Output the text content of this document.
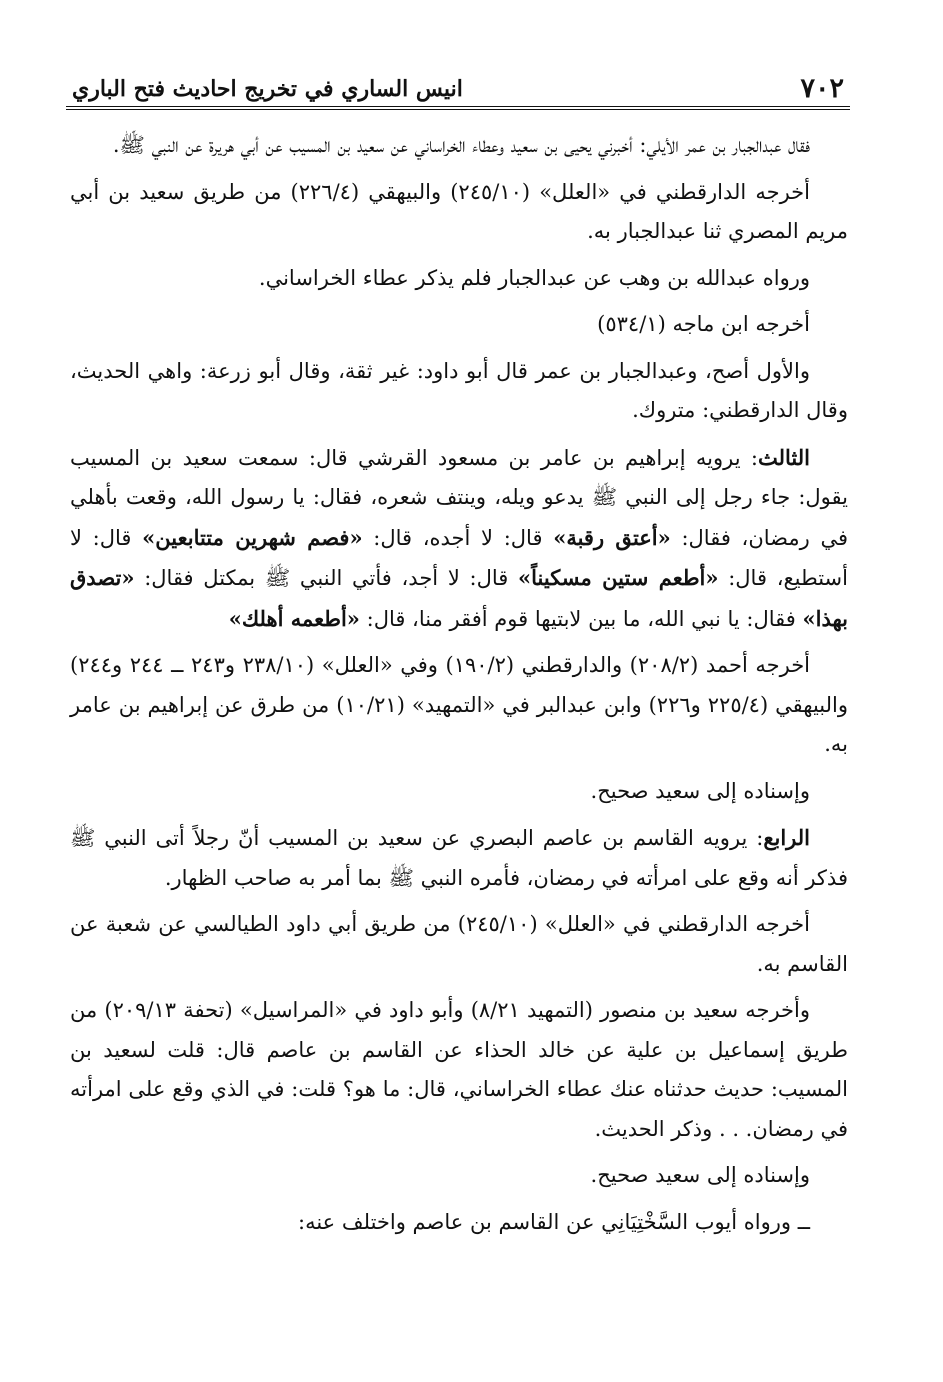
٧٠٢
انيس الساري في تخريج احاديث فتح الباري

فقال عبدالجبار بن عمر الأيلي: أخبرني يحيى بن سعيد وعطاء الخراساني عن سعيد بن المسيب عن أبي هريرة عن النبي ﷺ.

أخرجه الدارقطني في «العلل» (٢٤٥/١٠) والبيهقي (٢٢٦/٤) من طريق سعيد بن أبي مريم المصري ثنا عبدالجبار به.

ورواه عبدالله بن وهب عن عبدالجبار فلم يذكر عطاء الخراساني.

أخرجه ابن ماجه (٥٣٤/١)

والأول أصح، وعبدالجبار بن عمر قال أبو داود: غير ثقة، وقال أبو زرعة: واهي الحديث، وقال الدارقطني: متروك.

الثالث: يرويه إبراهيم بن عامر بن مسعود القرشي قال: سمعت سعيد بن المسيب يقول: جاء رجل إلى النبي ﷺ يدعو ويله، وينتف شعره، فقال: يا رسول الله، وقعت بأهلي في رمضان، فقال: «أعتق رقبة» قال: لا أجده، قال: «فصم شهرين متتابعين» قال: لا أستطيع، قال: «أطعم ستين مسكيناً» قال: لا أجد، فأتي النبي ﷺ بمكتل فقال: «تصدق بهذا» فقال: يا نبي الله، ما بين لابتيها قوم أفقر منا، قال: «أطعمه أهلك»

أخرجه أحمد (٢٠٨/٢) والدارقطني (١٩٠/٢) وفي «العلل» (٢٣٨/١٠ و٢٤٣ ــ ٢٤٤ و٢٤٤) والبيهقي (٢٢٥/٤ و٢٢٦) وابن عبدالبر في «التمهيد» (١٠/٢١) من طرق عن إبراهيم بن عامر به.

وإسناده إلى سعيد صحيح.

الرابع: يرويه القاسم بن عاصم البصري عن سعيد بن المسيب أنّ رجلاً أتى النبي ﷺ فذكر أنه وقع على امرأته في رمضان، فأمره النبي ﷺ بما أمر به صاحب الظهار.

أخرجه الدارقطني في «العلل» (٢٤٥/١٠) من طريق أبي داود الطيالسي عن شعبة عن القاسم به.

وأخرجه سعيد بن منصور (التمهيد ٨/٢١) وأبو داود في «المراسيل» (تحفة ٢٠٩/١٣) من طريق إسماعيل بن علية عن خالد الحذاء عن القاسم بن عاصم قال: قلت لسعيد بن المسيب: حديث حدثناه عنك عطاء الخراساني، قال: ما هو؟ قلت: في الذي وقع على امرأته في رمضان. . . وذكر الحديث.

وإسناده إلى سعيد صحيح.

ــ ورواه أيوب السَّخْتِيَانِي عن القاسم بن عاصم واختلف عنه:
